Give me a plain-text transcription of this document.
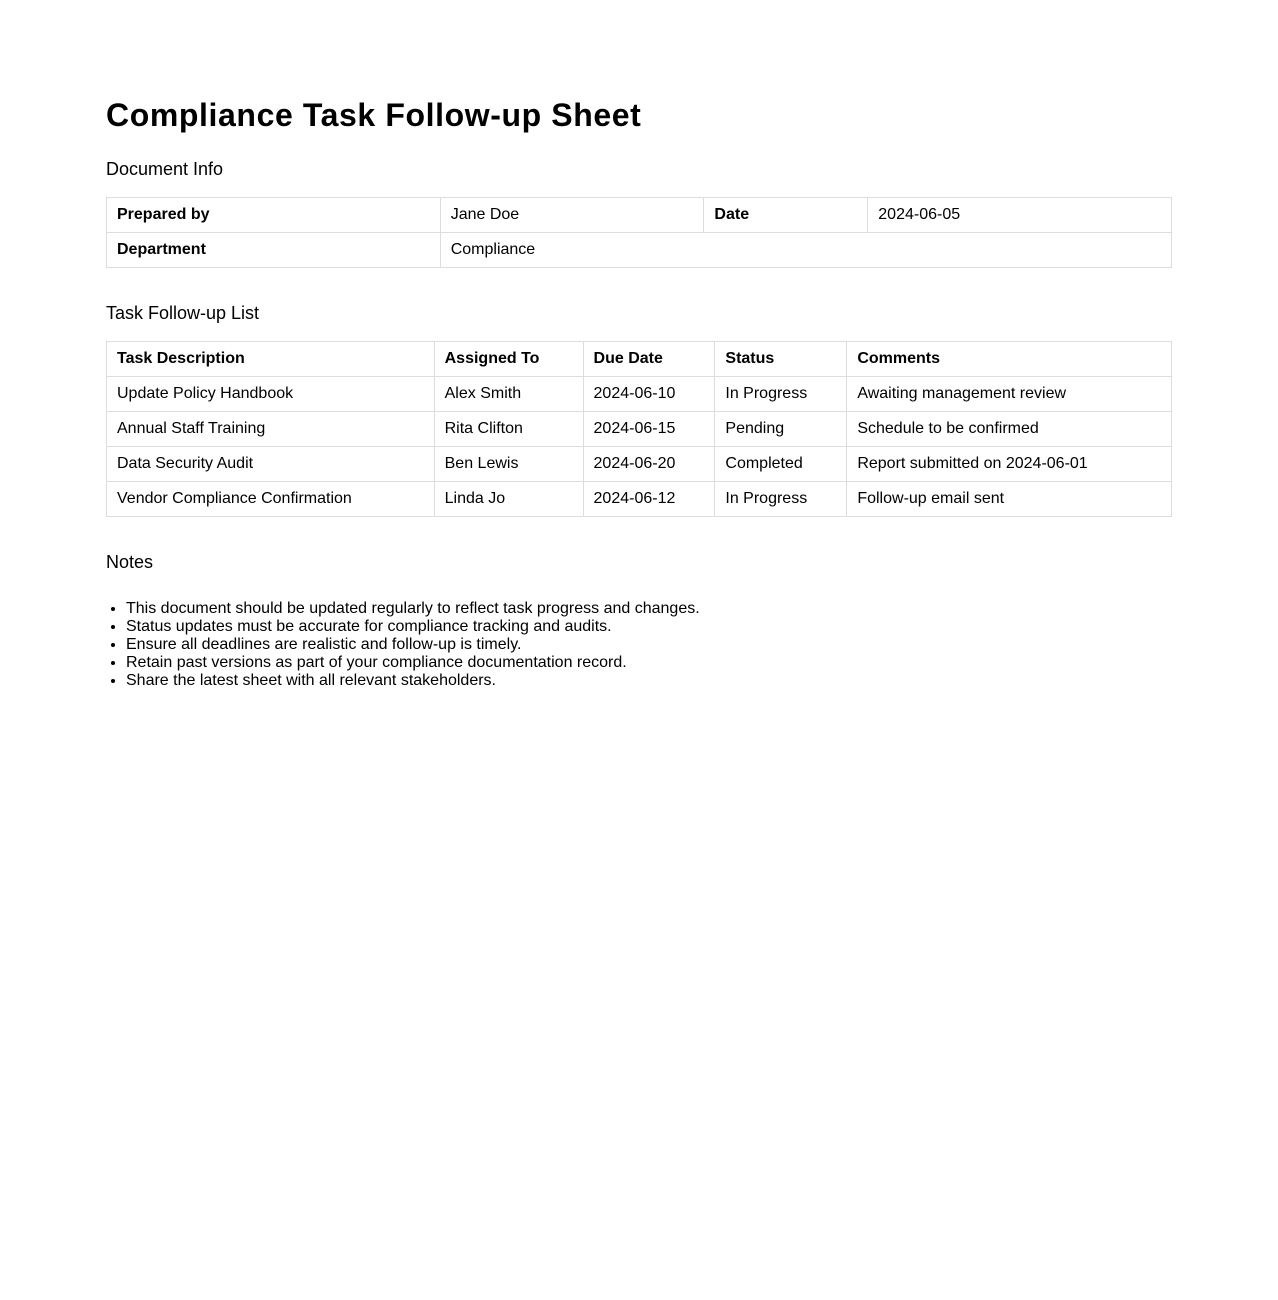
Compliance Task Follow-up Sheet
Document Info
Prepared by	Jane Doe	Date	2024-06-05
Department	Compliance		
Task Follow-up List
Task Description	Assigned To	Due Date	Status	Comments
Update Policy Handbook	Alex Smith	2024-06-10	In Progress	Awaiting management review
Annual Staff Training	Rita Clifton	2024-06-15	Pending	Schedule to be confirmed
Data Security Audit	Ben Lewis	2024-06-20	Completed	Report submitted on 2024-06-01
Vendor Compliance Confirmation	Linda Jo	2024-06-12	In Progress	Follow-up email sent
Notes
• This document should be updated regularly to reflect task progress and changes.
• Status updates must be accurate for compliance tracking and audits.
• Ensure all deadlines are realistic and follow-up is timely.
• Retain past versions as part of your compliance documentation record.
• Share the latest sheet with all relevant stakeholders.
